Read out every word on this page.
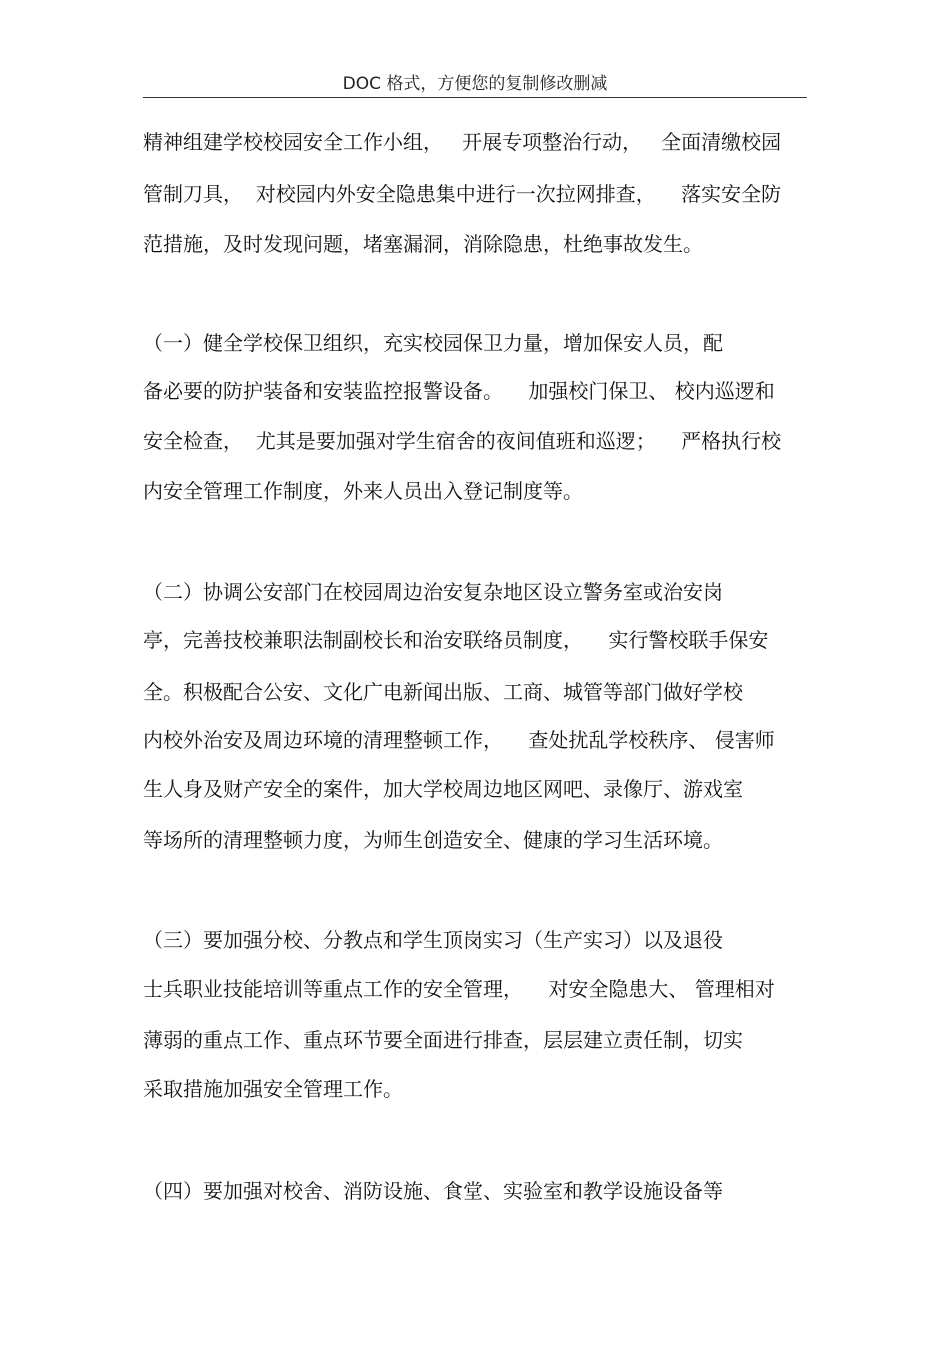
DOC 格式，方便您的复制修改删减
精神组建学校校园安全工作小组，   开展专项整治行动，   全面清缴校园
管制刀具，  对校园内外安全隐患集中进行一次拉网排查，    落实安全防
范措施，及时发现问题，堵塞漏洞，消除隐患，杜绝事故发生。
（一）健全学校保卫组织，充实校园保卫力量，增加保安人员，配
备必要的防护装备和安装监控报警设备。    加强校门保卫、 校内巡逻和
安全检查，  尤其是要加强对学生宿舍的夜间值班和巡逻；    严格执行校
内安全管理工作制度，外来人员出入登记制度等。
（二）协调公安部门在校园周边治安复杂地区设立警务室或治安岗
亭，完善技校兼职法制副校长和治安联络员制度，    实行警校联手保安
全。积极配合公安、文化广电新闻出版、工商、城管等部门做好学校
内校外治安及周边环境的清理整顿工作，    查处扰乱学校秩序、 侵害师
生人身及财产安全的案件，加大学校周边地区网吧、录像厅、游戏室
等场所的清理整顿力度，为师生创造安全、健康的学习生活环境。
（三）要加强分校、分教点和学生顶岗实习（生产实习）以及退役
士兵职业技能培训等重点工作的安全管理，    对安全隐患大、 管理相对
薄弱的重点工作、重点环节要全面进行排查，层层建立责任制，切实
采取措施加强安全管理工作。
（四）要加强对校舍、消防设施、食堂、实验室和教学设施设备等
